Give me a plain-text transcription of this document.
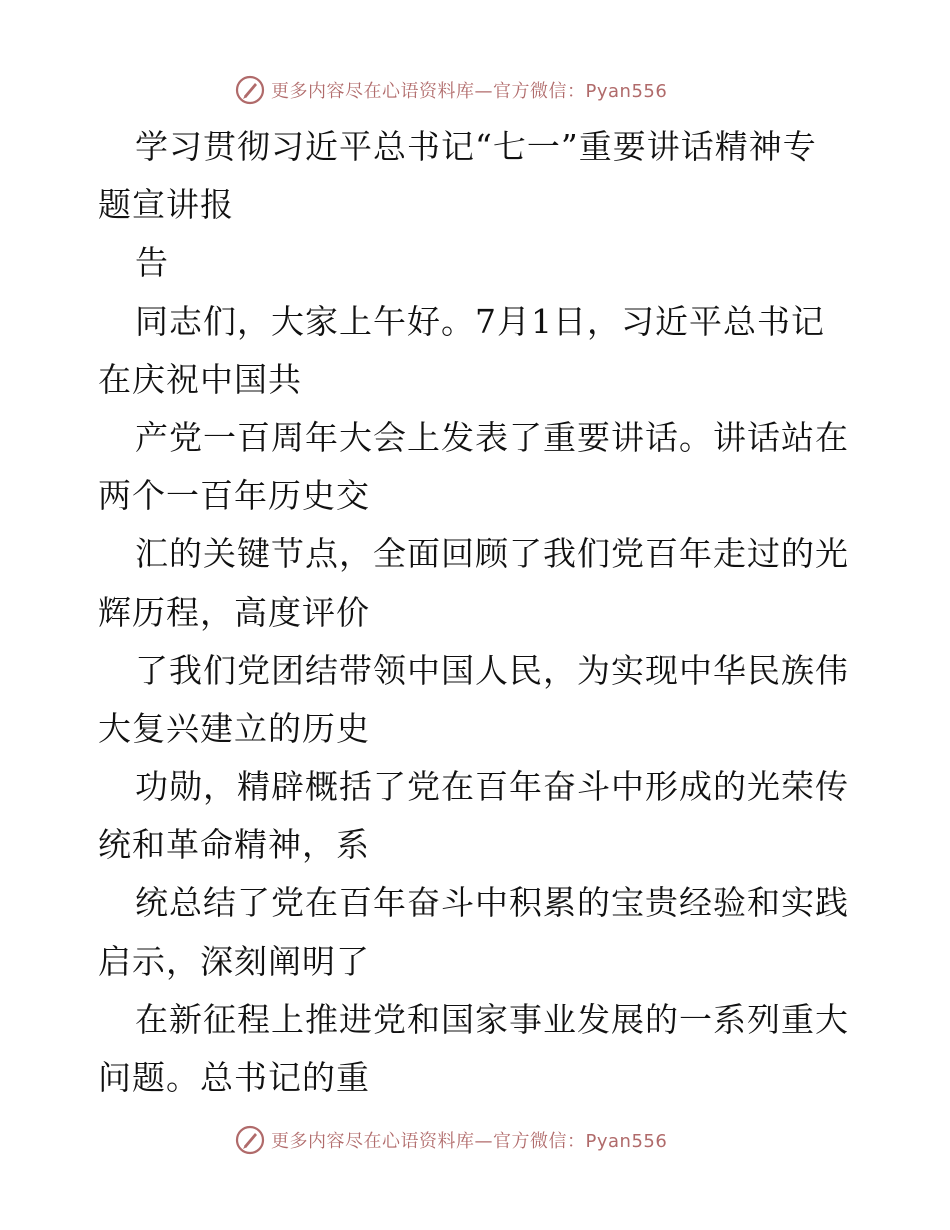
更多内容尽在心语资料库—官方微信：Pyan556
学习贯彻习近平总书记“七一”重要讲话精神专
题宣讲报
告
同志们，大家上午好。7月1日，习近平总书记
在庆祝中国共
产党一百周年大会上发表了重要讲话。讲话站在
两个一百年历史交
汇的关键节点，全面回顾了我们党百年走过的光
辉历程，高度评价
了我们党团结带领中国人民，为实现中华民族伟
大复兴建立的历史
功勋，精辟概括了党在百年奋斗中形成的光荣传
统和革命精神，系
统总结了党在百年奋斗中积累的宝贵经验和实践
启示，深刻阐明了
在新征程上推进党和国家事业发展的一系列重大
问题。总书记的重
更多内容尽在心语资料库—官方微信：Pyan556
